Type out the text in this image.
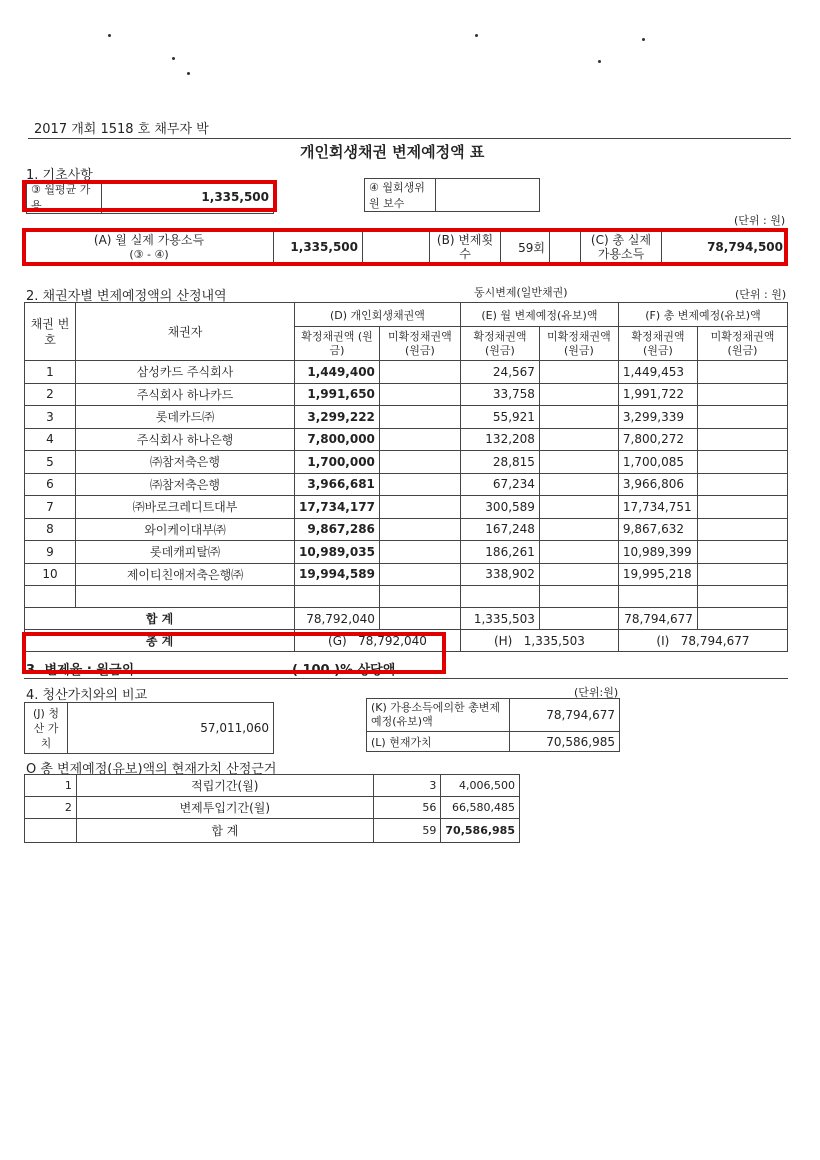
2017 개회 1518 호 채무자 박
개인회생채권 변제예정액 표
1. 기초사항
③ 월평균 가용	1,335,500
④ 월회생위원 보수	
(단위 : 원)
(A) 월 실제 가용소득
(③ - ④)	1,335,500		(B) 변제횟수	59회		(C) 총 실제 가용소득	78,794,500
2. 채권자별 변제예정액의 산정내역	동시변제(일반채권)	(단위 : 원)
채권 번호	채권자	(D) 개인회생채권액		(E) 월 변제예정(유보)액		(F) 총 변제예정(유보)액	
		확정채권액 (원금)	미확정채권액 (원금)	확정채권액 (원금)	미확정채권액 (원금)	확정채권액 (원금)	미확정채권액 (원금)
1	삼성카드 주식회사	1,449,400		24,567		1,449,453	
2	주식회사 하나카드	1,991,650		33,758		1,991,722	
3	롯데카드㈜	3,299,222		55,921		3,299,339	
4	주식회사 하나은행	7,800,000		132,208		7,800,272	
5	㈜참저축은행	1,700,000		28,815		1,700,085	
6	㈜참저축은행	3,966,681		67,234		3,966,806	
7	㈜바로크레디트대부	17,734,177		300,589		17,734,751	
8	와이케이대부㈜	9,867,286		167,248		9,867,632	
9	롯데캐피탈㈜	10,989,035		186,261		10,989,399	
10	제이티친애저축은행㈜	19,994,589		338,902		19,995,218	

합 계		78,792,040		1,335,503		78,794,677	
총 계		(G) 78,792,040		(H) 1,335,503		(I) 78,794,677	
3. 변제율 : 원금의	( 100 )% 상당액
4. 청산가치와의 비교	(단위:원)
(J) 청산 가치	57,011,060
(K) 가용소득에의한 총변제예정(유보)액	78,794,677
(L) 현재가치	70,586,985
O 총 변제예정(유보)액의 현재가치 산정근거
1	적립기간(월)	3	4,006,500
2	변제투입기간(월)	56	66,580,485
	합 계	59	70,586,985
